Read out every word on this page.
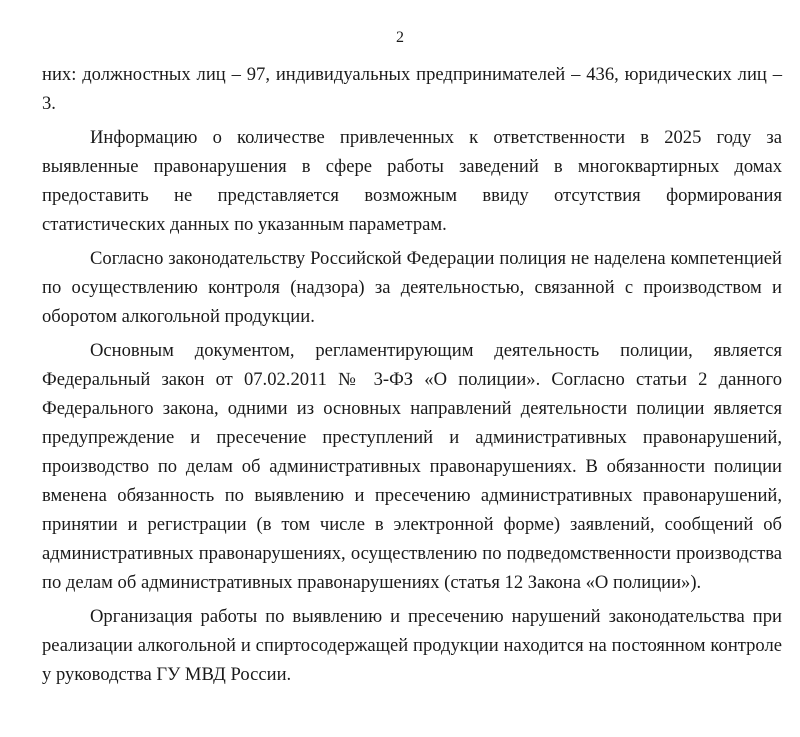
2

них: должностных лиц – 97, индивидуальных предпринимателей – 436, юридических лиц – 3.

Информацию о количестве привлеченных к ответственности в 2025 году за выявленные правонарушения в сфере работы заведений в многоквартирных домах предоставить не представляется возможным ввиду отсутствия формирования статистических данных по указанным параметрам.

Согласно законодательству Российской Федерации полиция не наделена компетенцией по осуществлению контроля (надзора) за деятельностью, связанной с производством и оборотом алкогольной продукции.

Основным документом, регламентирующим деятельность полиции, является Федеральный закон от 07.02.2011 № 3-ФЗ «О полиции». Согласно статьи 2 данного Федерального закона, одними из основных направлений деятельности полиции является предупреждение и пресечение преступлений и административных правонарушений, производство по делам об административных правонарушениях. В обязанности полиции вменена обязанность по выявлению и пресечению административных правонарушений, принятии и регистрации (в том числе в электронной форме) заявлений, сообщений об административных правонарушениях, осуществлению по подведомственности производства по делам об административных правонарушениях (статья 12 Закона «О полиции»).

Организация работы по выявлению и пресечению нарушений законодательства при реализации алкогольной и спиртосодержащей продукции находится на постоянном контроле у руководства ГУ МВД России.
